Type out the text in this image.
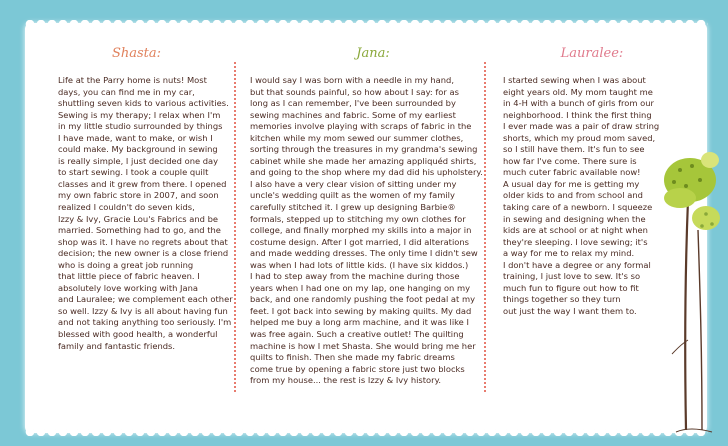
Shasta:

Life at the Parry home is nuts! Most
days, you can find me in my car,
shuttling seven kids to various activities.
Sewing is my therapy; I relax when I'm
in my little studio surrounded by things
I have made, want to make, or wish I
could make. My background in sewing
is really simple, I just decided one day
to start sewing. I took a couple quilt
classes and it grew from there. I opened
my own fabric store in 2007, and soon
realized I couldn't do seven kids,
Izzy & Ivy, Gracie Lou's Fabrics and be
married. Something had to go, and the
shop was it. I have no regrets about that
decision; the new owner is a close friend
who is doing a great job running
that little piece of fabric heaven. I
absolutely love working with Jana
and Lauralee; we complement each other
so well. Izzy & Ivy is all about having fun
and not taking anything too seriously. I'm
blessed with good health, a wonderful
family and fantastic friends.

Jana:

I would say I was born with a needle in my hand,
but that sounds painful, so how about I say: for as
long as I can remember, I've been surrounded by
sewing machines and fabric. Some of my earliest
memories involve playing with scraps of fabric in the
kitchen while my mom sewed our summer clothes,
sorting through the treasures in my grandma's sewing
cabinet while she made her amazing appliquéd shirts,
and going to the shop where my dad did his upholstery.
I also have a very clear vision of sitting under my
uncle's wedding quilt as the women of my family
carefully stitched it. I grew up designing Barbie®
formals, stepped up to stitching my own clothes for
college, and finally morphed my skills into a major in
costume design. After I got married, I did alterations
and made wedding dresses. The only time I didn't sew
was when I had lots of little kids. (I have six kiddos.)
I had to step away from the machine during those
years when I had one on my lap, one hanging on my
back, and one randomly pushing the foot pedal at my
feet. I got back into sewing by making quilts. My dad
helped me buy a long arm machine, and it was like I
was free again. Such a creative outlet! The quilting
machine is how I met Shasta. She would bring me her
quilts to finish. Then she made my fabric dreams
come true by opening a fabric store just two blocks
from my house... the rest is Izzy & Ivy history.

Lauralee:

I started sewing when I was about
eight years old. My mom taught me
in 4-H with a bunch of girls from our
neighborhood. I think the first thing
I ever made was a pair of draw string
shorts, which my proud mom saved,
so I still have them. It's fun to see
how far I've come. There sure is
much cuter fabric available now!
A usual day for me is getting my
older kids to and from school and
taking care of a newborn. I squeeze
in sewing and designing when the
kids are at school or at night when
they're sleeping. I love sewing; it's
a way for me to relax my mind.
I don't have a degree or any formal
training, I just love to sew. It's so
much fun to figure out how to fit
things together so they turn
out just the way I want them to.
